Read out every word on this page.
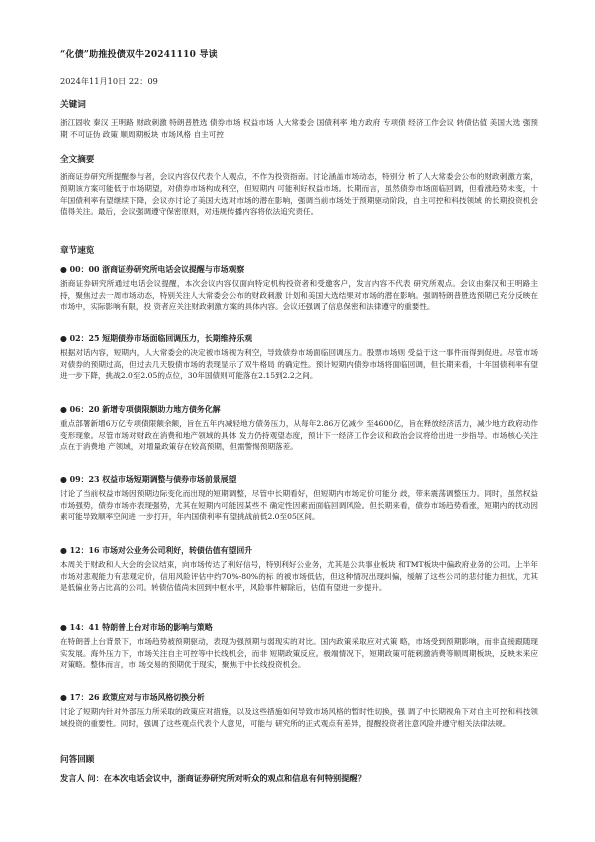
“化债”助推投债双牛20241110 导读
2024年11月10日 22：09
关键词
浙江固收 秦汉 王明路 财政刺激 特朗普胜选 债券市场 权益市场 人大常委会 国债利率 地方政府 专项债 经济工作会议 转债估值 美国大选 强预期 不可证伪 政策 顺周期板块 市场风格 自主可控
全文摘要
浙商证券研究所提醒参与者，会议内容仅代表个人观点，不作为投资指南。讨论涵盖市场动态，特别分 析了人大常委会公布的财政刺激方案，预期该方案可能低于市场期望，对债券市场构成利空，但短期内 可能利好权益市场。长期而言，虽然债券市场面临回调，但看涨趋势未变，十年国债利率有望继续下降，会议亦讨论了美国大选对市场的潜在影响，强调当前市场处于预期驱动阶段，自主可控和科技领域 的长期投资机会值得关注。最后，会议强调遵守保密原则，对违规传播内容将依法追究责任。
章节速览
● 00：00 浙商证券研究所电话会议提醒与市场观察
浙商证券研究所通过电话会议提醒，本次会议内容仅面向特定机构投资者和受邀客户，发言内容不代表 研究所观点。会议由秦汉和王明路主持，聚焦过去一周市场动态，特别关注人大常委会公布的财政刺激 计划和美国大选结果对市场的潜在影响。强调特朗普胜选预期已充分反映在市场中，实际影响有限，投 资者应关注财政刺激方案的具体内容。会议还强调了信息保密和法律遵守的重要性。
● 02：25 短期债券市场面临回调压力，长期维持乐观
根据对话内容，短期内，人大常委会的决定被市场视为利空，导致债券市场面临回调压力。股票市场则 受益于这一事件而得到促进。尽管市场对债券的预期过高，但过去几天股债市场的表现显示了双牛格局 的确定性。预计短期内债券市场将面临回调，但长期来看，十年国债利率有望进一步下降，挑战2.0至2.05的点位，30年国债则可能落在2.15到2.2之间。
● 06：20 新增专项债限额助力地方债务化解
重点部署新增6万亿专项债限额余额，旨在五年内减轻地方债务压力，从每年2.86万亿减少 至4600亿，旨在释放经济活力，减少地方政府动作变形现象。尽管市场对财政在消费和地产领域的具体 发力仍持观望态度，预计下一经济工作会议和政治会议将给出进一步指导。市场核心关注点在于消费地 产领域，对增量政策存在较高预期，但需警惕预期落差。
● 09：23 权益市场短期调整与债券市场前景展望
讨论了当前权益市场因预期边际变化而出现的短期调整，尽管中长期看好，但短期内市场定价可能分 歧，带来震荡调整压力。同时，虽然权益市场强势，债券市场亦表现强势，尤其在短期内可能因某些不 确定性因素而面临回调风险。但长期来看，债券市场趋势看涨，短期内的扰动因素可能导致顺率空间进 一步打开，年内国债利率有望挑战前低2.0至05区间。
● 12：16 市场对公业务公司利好，转债估值有望回升
本周关于财政和人大会的会议结束，向市场传达了利好信号，特别利好公业务，尤其是公共事业板块 和TMT板块中偏政府业务的公司。上半年市场对悲观能力有悲观定价，信用风险评估中约70%-80%的标 的被市场低估，但这种情况出现纠偏，缓解了这些公司的悲付能力担忧，尤其是低偏业务占比高的公司。转债估值尚未回到中枢水平，风险事件解除后，估值有望进一步提升。
● 14：41 特朗普上台对市场的影响与策略
在特朗普上台背景下，市场趋势被预期驱动，表现为强预期与弱现实的对比。国内政策采取应对式策 略，市场受到预期影响，而非直接跟随现实发展。海外压力下，市场关注自主可控等中长线机会，而非 短期政策反应。极端情况下，短期政策可能刺激消费等顺周期板块，反映未来应对策略。整体而言，市 场交易的预期优于现实，聚焦于中长线投资机会。
● 17：26 政策应对与市场风格切换分析
讨论了短期内针对外部压力所采取的政策应对措施，以及这些措施如何导致市场风格的暂时性切换，强 调了中长期视角下对自主可控和科技领域投资的重要性。同时，强调了这些观点代表个人意见，可能与 研究所的正式观点有差异，提醒投资者注意风险并遵守相关法律法规。
问答回顾
发言人 问：在本次电话会议中，浙商证券研究所对听众的观点和信息有何特别提醒？
